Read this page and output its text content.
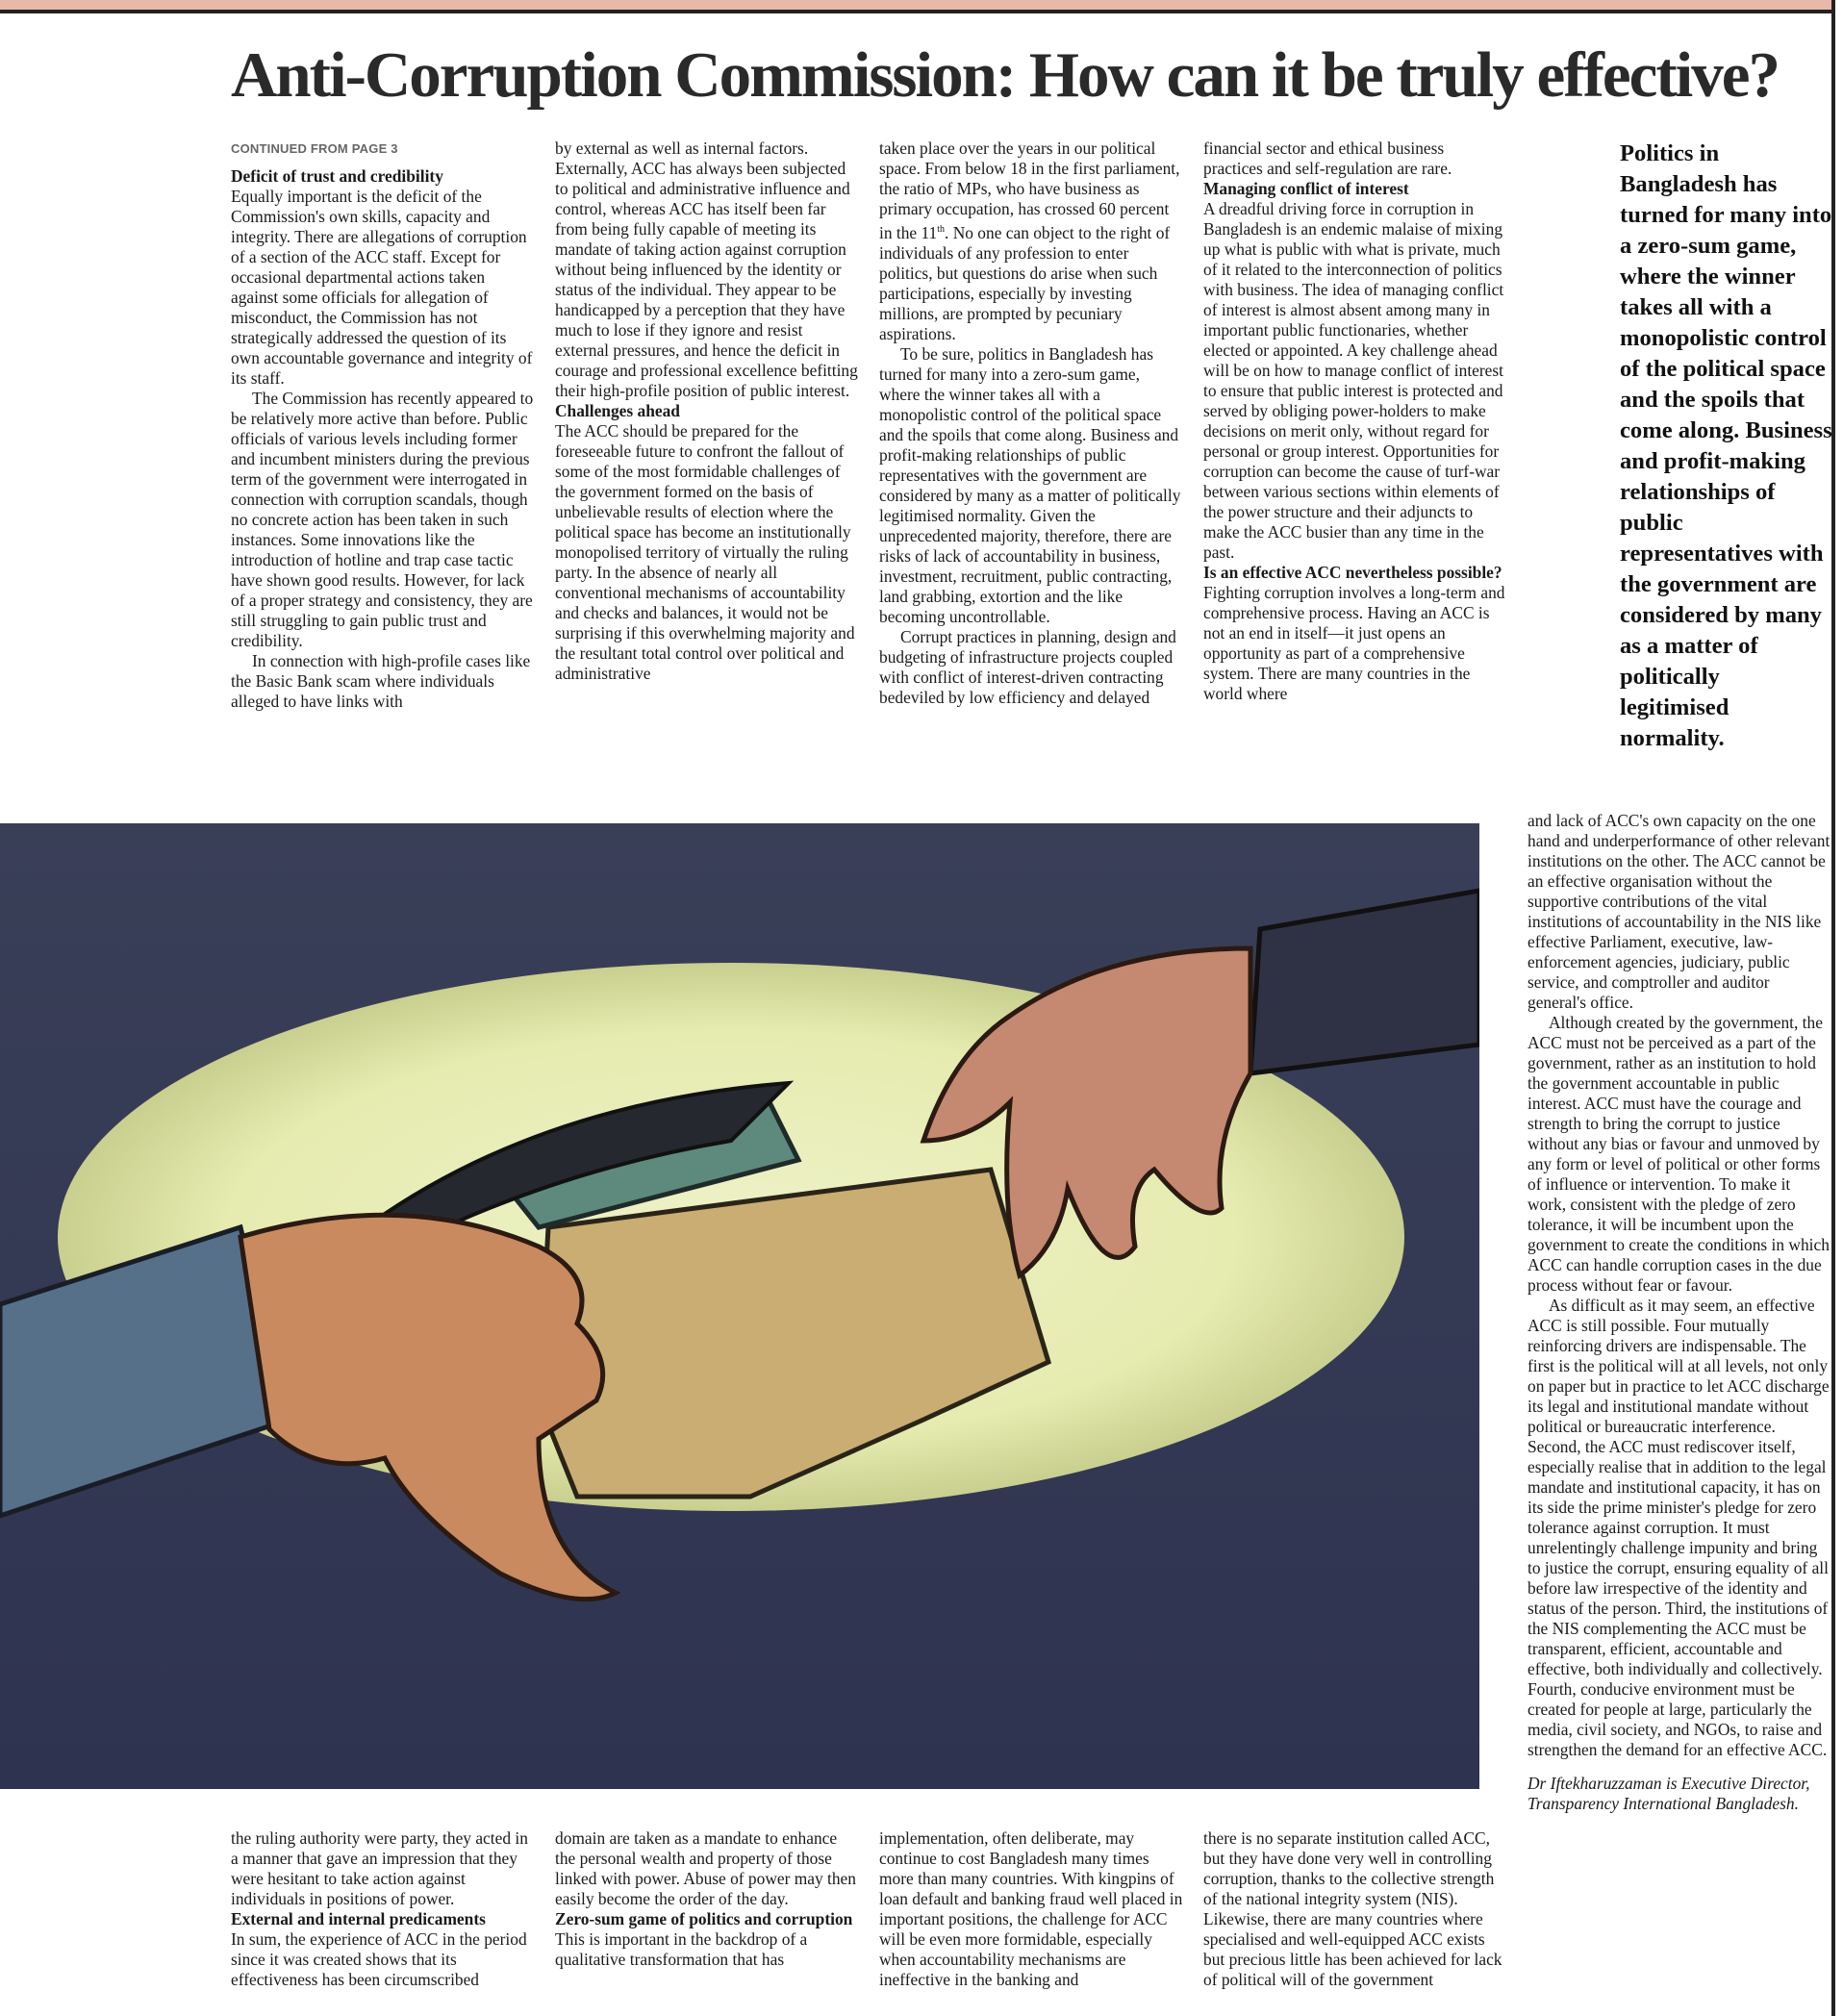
Anti-Corruption Commission: How can it be truly effective?
CONTINUED FROM PAGE 3
Deficit of trust and credibility

Equally important is the deficit of the Commission's own skills, capacity and integrity. There are allegations of corruption of a section of the ACC staff. Except for occasional departmental actions taken against some officials for allegation of misconduct, the Commission has not strategically addressed the question of its own accountable governance and integrity of its staff.

The Commission has recently appeared to be relatively more active than before. Public officials of various levels including former and incumbent ministers during the previous term of the government were interrogated in connection with corruption scandals, though no concrete action has been taken in such instances. Some innovations like the introduction of hotline and trap case tactic have shown good results. However, for lack of a proper strategy and consistency, they are still struggling to gain public trust and credibility.

In connection with high-profile cases like the Basic Bank scam where individuals alleged to have links with

by external as well as internal factors. Externally, ACC has always been subjected to political and administrative influence and control, whereas ACC has itself been far from being fully capable of meeting its mandate of taking action against corruption without being influenced by the identity or status of the individual. They appear to be handicapped by a perception that they have much to lose if they ignore and resist external pressures, and hence the deficit in courage and professional excellence befitting their high-profile position of public interest.

Challenges ahead

The ACC should be prepared for the foreseeable future to confront the fallout of some of the most formidable challenges of the government formed on the basis of unbelievable results of election where the political space has become an institutionally monopolised territory of virtually the ruling party. In the absence of nearly all conventional mechanisms of accountability and checks and balances, it would not be surprising if this overwhelming majority and the resultant total control over political and administrative

taken place over the years in our political space. From below 18 in the first parliament, the ratio of MPs, who have business as primary occupation, has crossed 60 percent in the 11th. No one can object to the right of individuals of any profession to enter politics, but questions do arise when such participations, especially by investing millions, are prompted by pecuniary aspirations.

To be sure, politics in Bangladesh has turned for many into a zero-sum game, where the winner takes all with a monopolistic control of the political space and the spoils that come along. Business and profit-making relationships of public representatives with the government are considered by many as a matter of politically legitimised normality. Given the unprecedented majority, therefore, there are risks of lack of accountability in business, investment, recruitment, public contracting, land grabbing, extortion and the like becoming uncontrollable.

Corrupt practices in planning, design and budgeting of infrastructure projects coupled with conflict of interest-driven contracting bedeviled by low efficiency and delayed

financial sector and ethical business practices and self-regulation are rare.

Managing conflict of interest

A dreadful driving force in corruption in Bangladesh is an endemic malaise of mixing up what is public with what is private, much of it related to the interconnection of politics with business. The idea of managing conflict of interest is almost absent among many in important public functionaries, whether elected or appointed. A key challenge ahead will be on how to manage conflict of interest to ensure that public interest is protected and served by obliging power-holders to make decisions on merit only, without regard for personal or group interest. Opportunities for corruption can become the cause of turf-war between various sections within elements of the power structure and their adjuncts to make the ACC busier than any time in the past.

Is an effective ACC nevertheless possible?

Fighting corruption involves a long-term and comprehensive process. Having an ACC is not an end in itself—it just opens an opportunity as part of a comprehensive system. There are many countries in the world where

Politics in Bangladesh has turned for many into a zero-sum game, where the winner takes all with a monopolistic control of the political space and the spoils that come along. Business and profit-making relationships of public representatives with the government are considered by many as a matter of politically legitimised normality.

and lack of ACC's own capacity on the one hand and underperformance of other relevant institutions on the other. The ACC cannot be an effective organisation without the supportive contributions of the vital institutions of accountability in the NIS like effective Parliament, executive, law-enforcement agencies, judiciary, public service, and comptroller and auditor general's office.

Although created by the government, the ACC must not be perceived as a part of the government, rather as an institution to hold the government accountable in public interest. ACC must have the courage and strength to bring the corrupt to justice without any bias or favour and unmoved by any form or level of political or other forms of influence or intervention. To make it work, consistent with the pledge of zero tolerance, it will be incumbent upon the government to create the conditions in which ACC can handle corruption cases in the due process without fear or favour.

As difficult as it may seem, an effective ACC is still possible. Four mutually reinforcing drivers are indispensable. The first is the political will at all levels, not only on paper but in practice to let ACC discharge its legal and institutional mandate without political or bureaucratic interference. Second, the ACC must rediscover itself, especially realise that in addition to the legal mandate and institutional capacity, it has on its side the prime minister's pledge for zero tolerance against corruption. It must unrelentingly challenge impunity and bring to justice the corrupt, ensuring equality of all before law irrespective of the identity and status of the person. Third, the institutions of the NIS complementing the ACC must be transparent, efficient, accountable and effective, both individually and collectively. Fourth, conducive environment must be created for people at large, particularly the media, civil society, and NGOs, to raise and strengthen the demand for an effective ACC.

Dr Iftekharuzzaman is Executive Director, Transparency International Bangladesh.

the ruling authority were party, they acted in a manner that gave an impression that they were hesitant to take action against individuals in positions of power.

External and internal predicaments

In sum, the experience of ACC in the period since it was created shows that its effectiveness has been circumscribed

domain are taken as a mandate to enhance the personal wealth and property of those linked with power. Abuse of power may then easily become the order of the day.

Zero-sum game of politics and corruption

This is important in the backdrop of a qualitative transformation that has

implementation, often deliberate, may continue to cost Bangladesh many times more than many countries. With kingpins of loan default and banking fraud well placed in important positions, the challenge for ACC will be even more formidable, especially when accountability mechanisms are ineffective in the banking and

there is no separate institution called ACC, but they have done very well in controlling corruption, thanks to the collective strength of the national integrity system (NIS). Likewise, there are many countries where specialised and well-equipped ACC exists but precious little has been achieved for lack of political will of the government
